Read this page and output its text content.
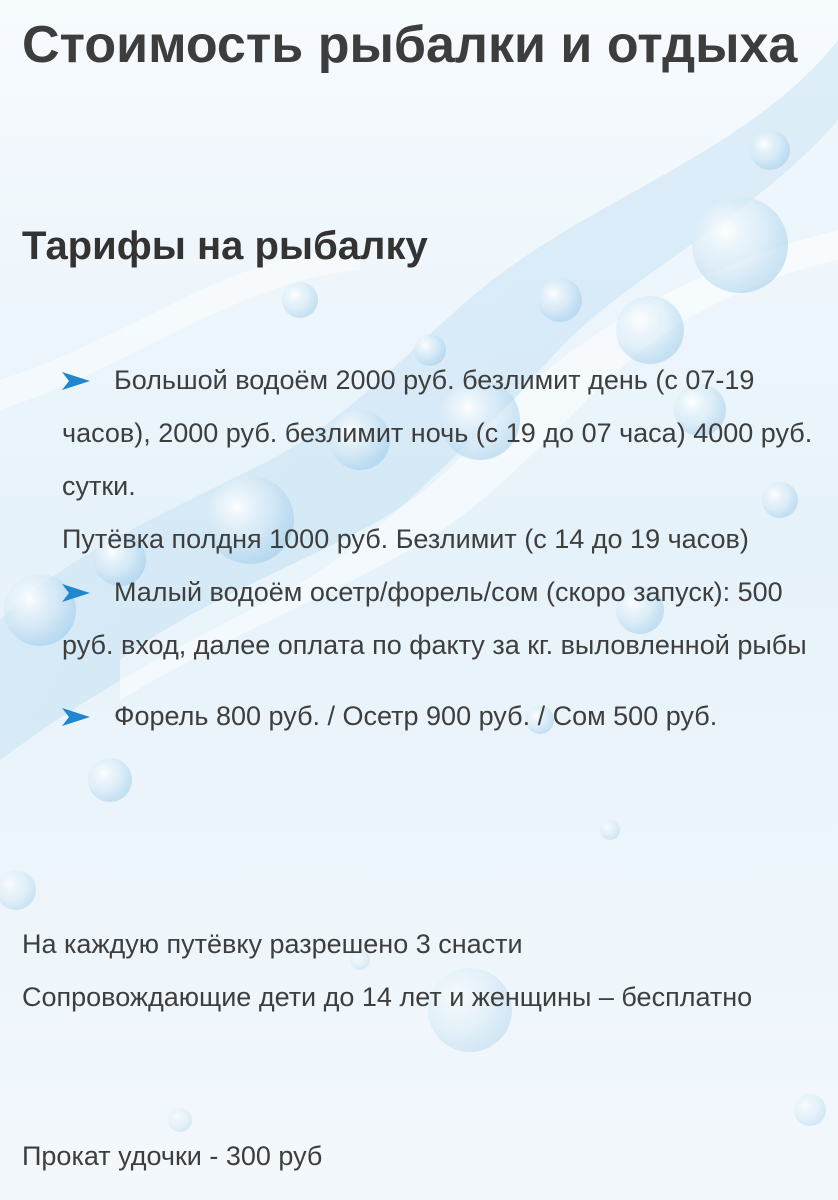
Стоимость рыбалки и отдыха
Тарифы на рыбалку
Большой водоём 2000 руб. безлимит день (с 07-19 часов), 2000 руб. безлимит ночь (с 19 до 07 часа) 4000 руб. сутки.
Путёвка полдня 1000 руб. Безлимит (с 14 до 19 часов)
Малый водоём осетр/форель/сом (скоро запуск): 500 руб. вход, далее оплата по факту за кг. выловленной рыбы
Форель 800 руб. / Осетр 900 руб. / Сом 500 руб.
На каждую путёвку разрешено 3 снасти
Сопровождающие дети до 14 лет и женщины – бесплатно

Прокат удочки - 300 руб
